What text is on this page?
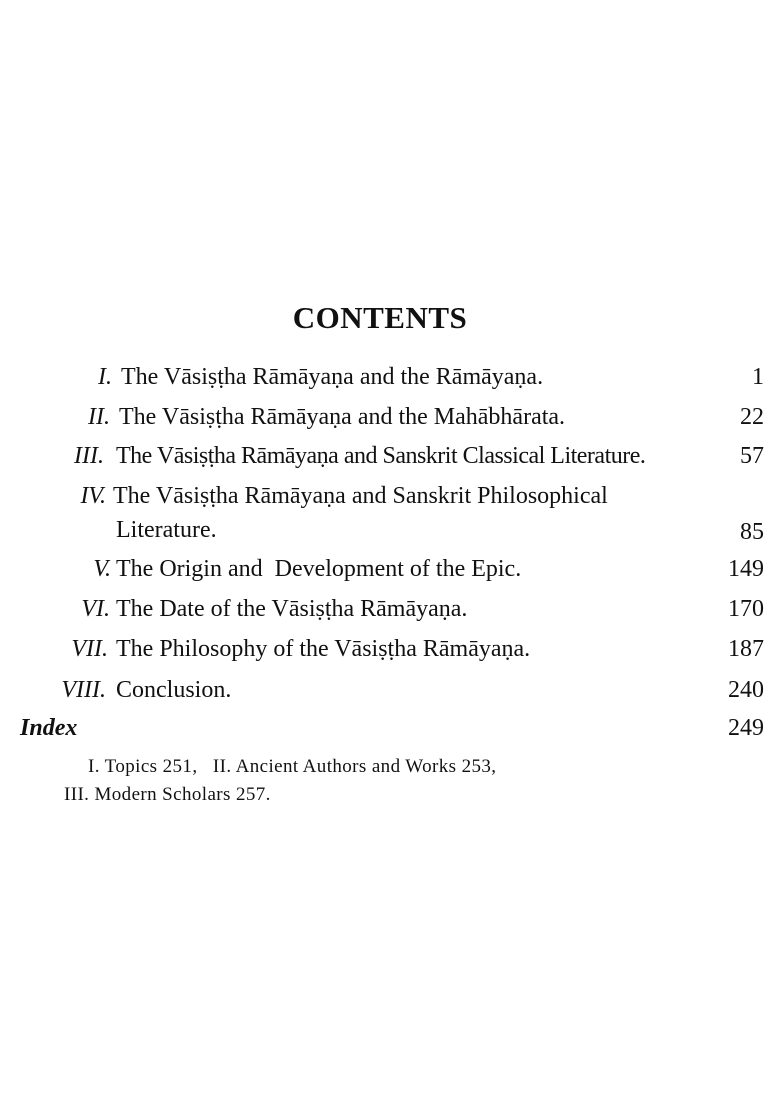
CONTENTS
I. The Vāsiṣṭha Rāmāyaṇa and the Rāmāyaṇa.	1
II. The Vāsiṣṭha Rāmāyaṇa and the Mahābhārata.	22
III. The Vāsiṣṭha Rāmāyaṇa and Sanskrit Classical Literature.	57
IV. The Vāsiṣṭha Rāmāyaṇa and Sanskrit Philosophical
Literature.	85
V. The Origin and  Development of the Epic.	149
VI. The Date of the Vāsiṣṭha Rāmāyaṇa.	170
VII. The Philosophy of the Vāsiṣṭha Rāmāyaṇa.	187
VIII. Conclusion.	240
Index	249
I. Topics 251,   II. Ancient Authors and Works 253,
III. Modern Scholars 257.
